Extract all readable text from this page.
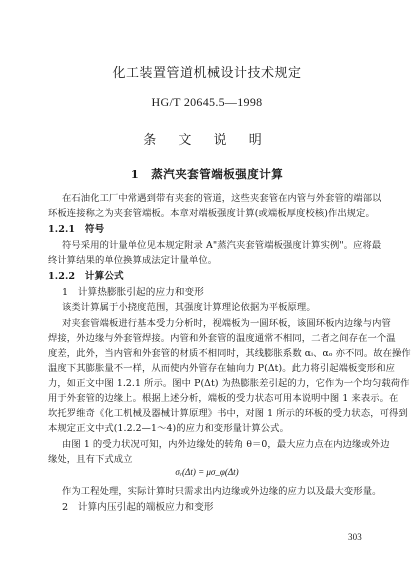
化工装置管道机械设计技术规定
HG/T 20645.5—1998
条 文 说 明
1　蒸汽夹套管端板强度计算
在石油化工厂中常遇到带有夹套的管道，这些夹套管在内管与外套管的端部以
环板连接称之为夹套管端板。本章对端板强度计算(或端板厚度校核)作出规定。
1.2.1　符号
符号采用的计量单位见本规定附录 A"蒸汽夹套管端板强度计算实例"。应将最
终计算结果的单位换算成法定计量单位。
1.2.2　计算公式
1　计算热膨胀引起的应力和变形
该类计算属于小挠度范围，其强度计算理论依据为平板原理。
对夹套管端板进行基本受力分析时，视端板为一圆环板，该圆环板内边缘与内管
焊接，外边缘与外套管焊接。内管和外套管的温度通常不相同，二者之间存在一个温
度差，此外，当内管和外套管的材质不相同时，其线膨胀系数 αᵢ、αₒ 亦不同。故在操作
温度下其膨胀量不一样，从而使内外管存在轴向力 P(Δt)。此力将引起端板变形和应
力，如正文中图 1.2.1 所示。图中 P(Δt) 为热膨胀差引起的力，它作为一个均匀载荷作
用于外套管的边缘上。根据上述分析，端板的受力状态可用本说明中图 1 来表示。在
坎托罗维奇《化工机械及器械计算原理》书中，对图 1 所示的环板的受力状态，可得到
本规定正文中式(1.2.2—1～4)的应力和变形量计算公式。
由图 1 的受力状况可知，内外边缘处的转角 θ＝0，最大应力点在内边缘或外边
缘处，且有下式成立
σᵣ(Δt) = μσ_φ(Δt)
作为工程处理，实际计算时只需求出内边缘或外边缘的应力以及最大变形量。
2　计算内压引起的端板应力和变形
303
